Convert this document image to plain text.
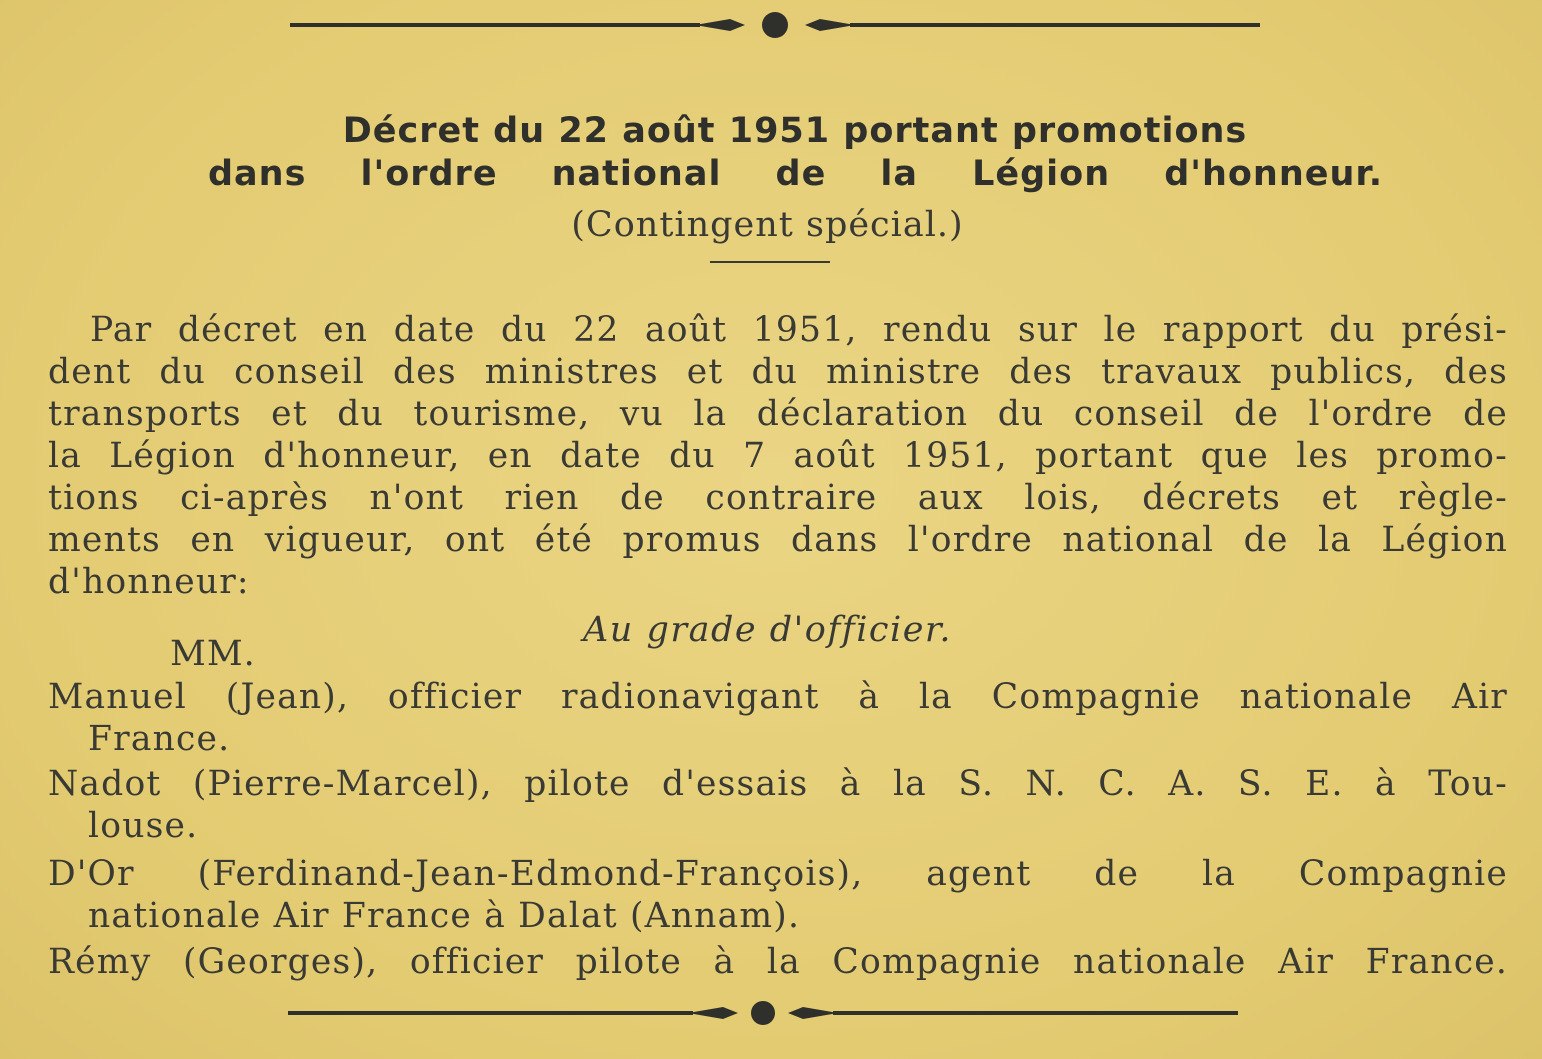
Décret du 22 août 1951 portant promotions
dans l'ordre national de la Légion d'honneur.
(Contingent spécial.)

Par décret en date du 22 août 1951, rendu sur le rapport du prési-
dent du conseil des ministres et du ministre des travaux publics, des
transports et du tourisme, vu la déclaration du conseil de l'ordre de
la Légion d'honneur, en date du 7 août 1951, portant que les promo-
tions ci-après n'ont rien de contraire aux lois, décrets et règle-
ments en vigueur, ont été promus dans l'ordre national de la Légion
d'honneur:

Au grade d'officier.
MM.
Manuel (Jean), officier radionavigant à la Compagnie nationale Air
France.
Nadot (Pierre-Marcel), pilote d'essais à la S. N. C. A. S. E. à Tou-
louse.
D'Or (Ferdinand-Jean-Edmond-François), agent de la Compagnie
nationale Air France à Dalat (Annam).
Rémy (Georges), officier pilote à la Compagnie nationale Air France.
